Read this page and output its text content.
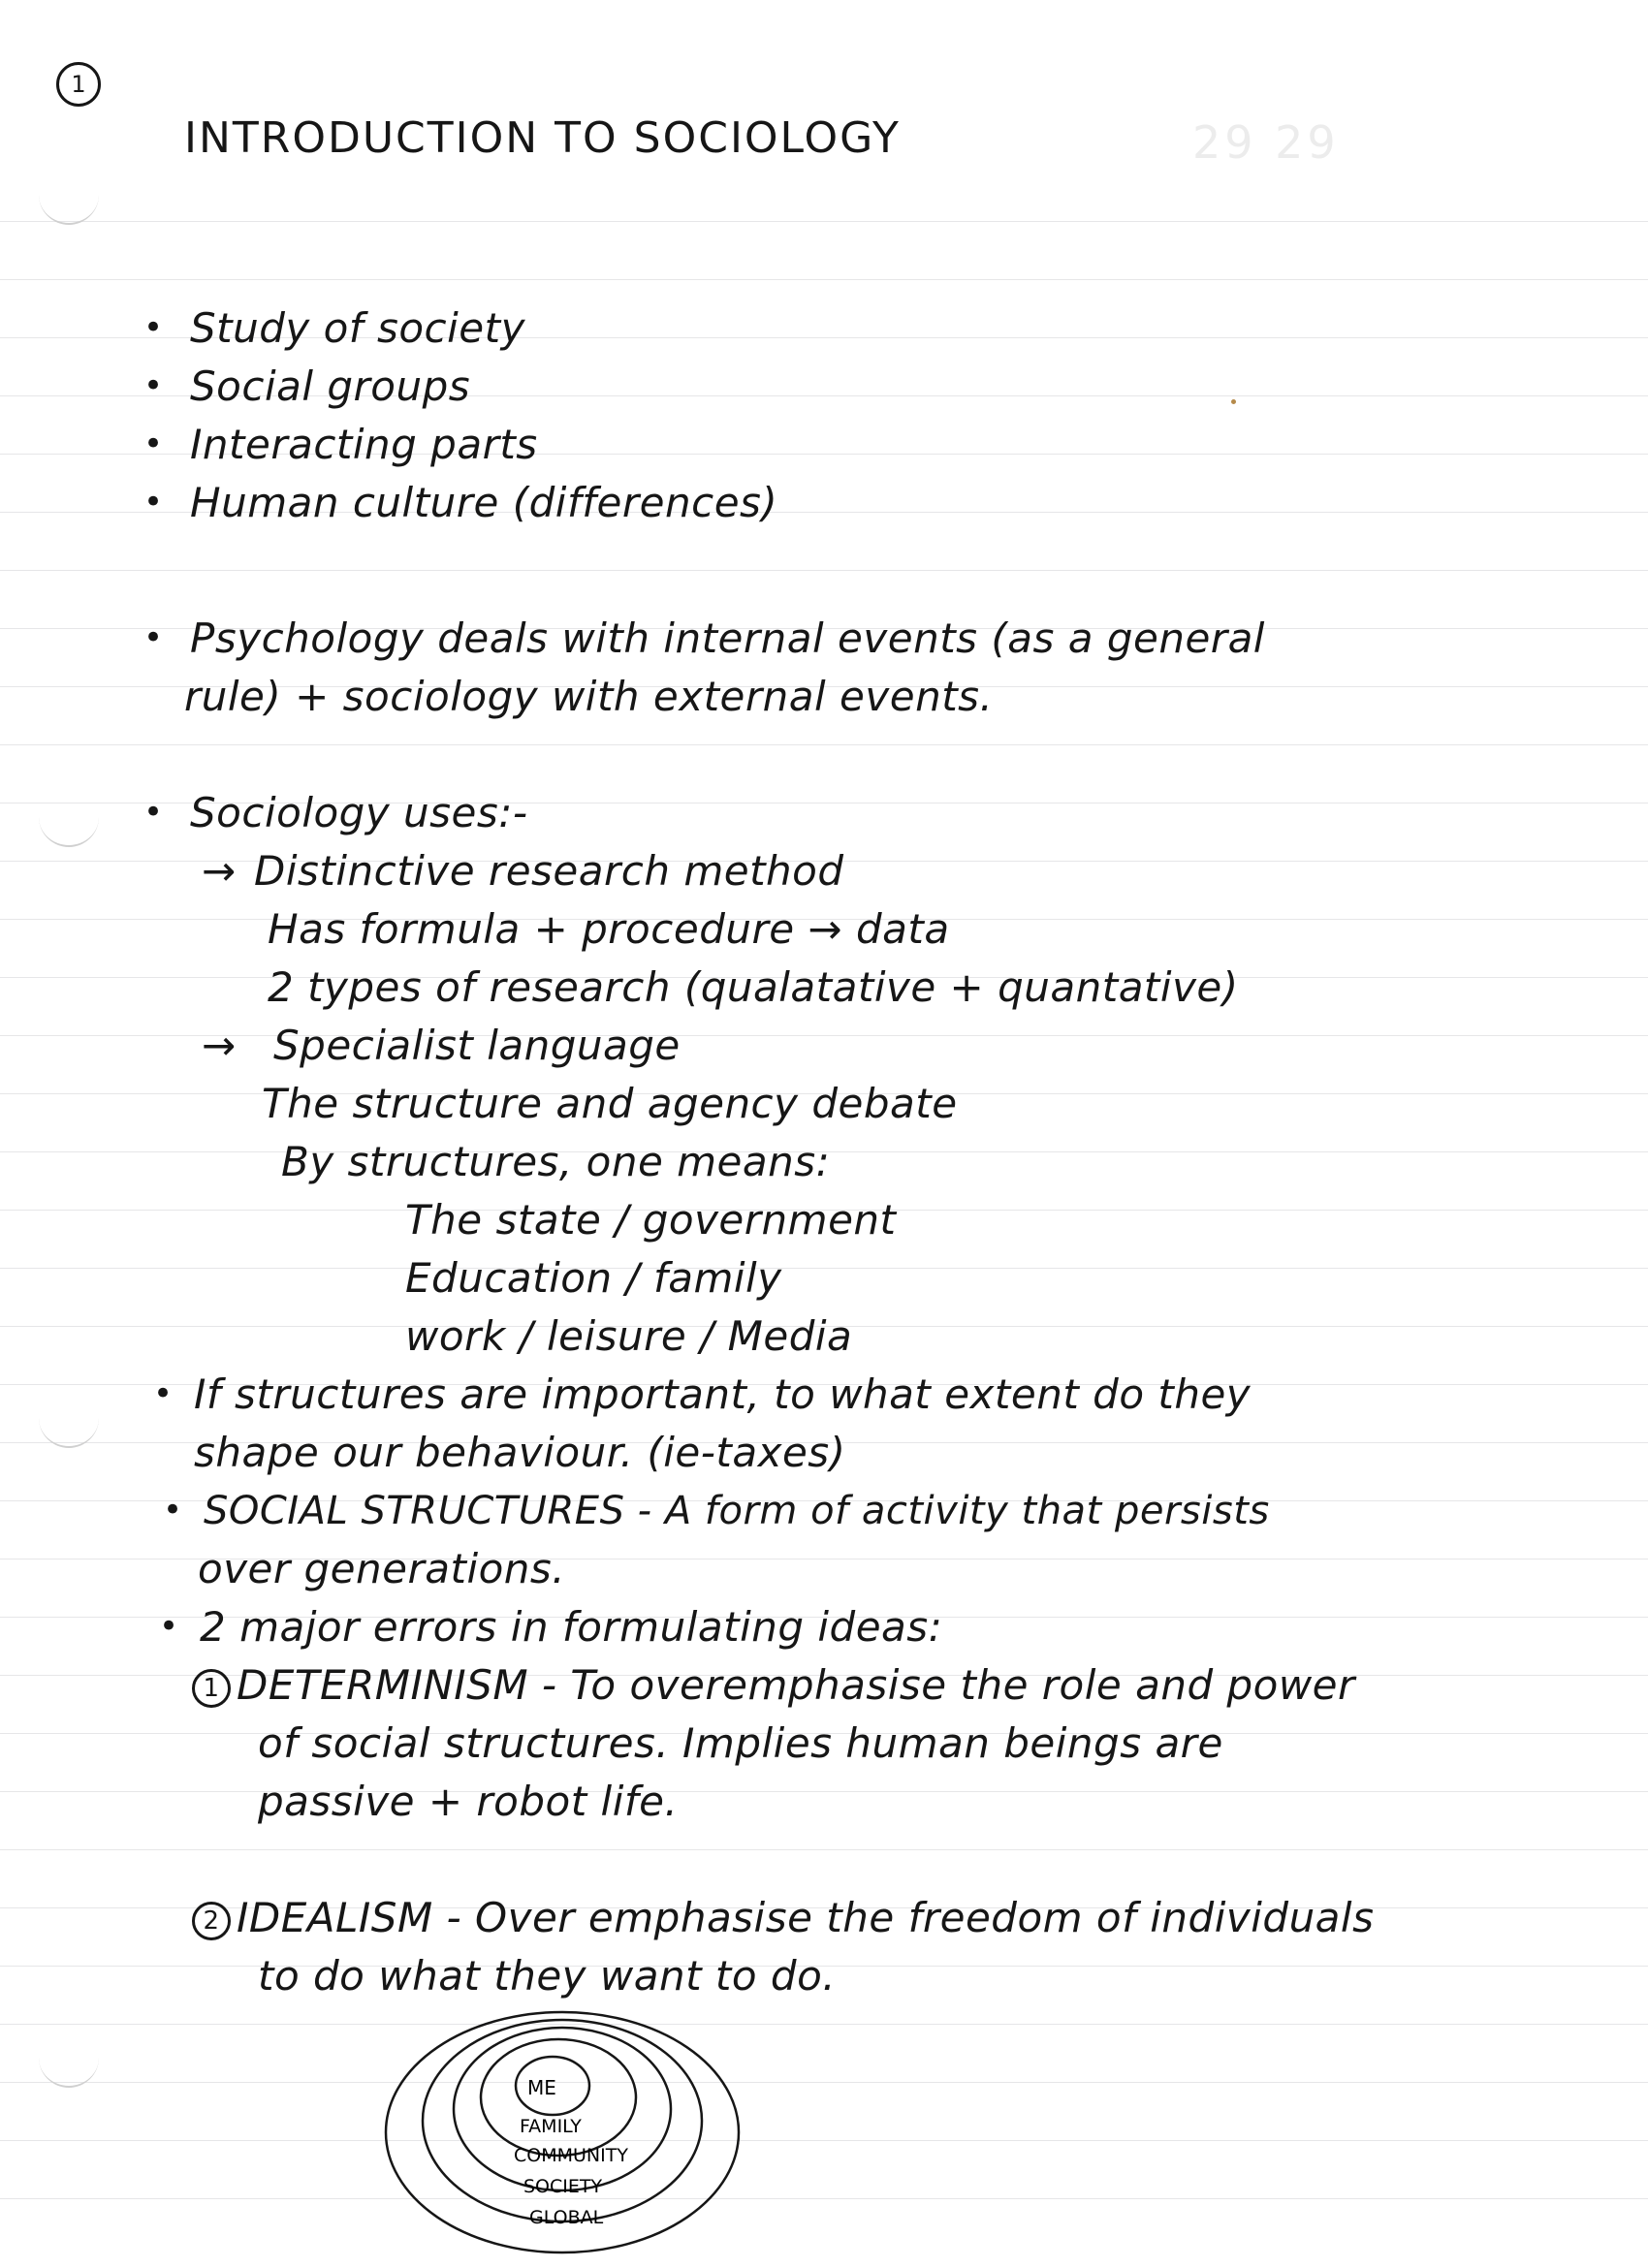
1
29 29
INTRODUCTION TO SOCIOLOGY
• Study of society
• Social groups
• Interacting parts
• Human culture (differences)
• Psychology deals with internal events (as a general
rule) + sociology with external events.
• Sociology uses:-
→ Distinctive research method
Has formula + procedure → data
2 types of research (qualatative + quantative)
→ Specialist language
The structure and agency debate
By structures, one means:
The state / government
Education / family
work / leisure / Media
• If structures are important, to what extent do they
shape our behaviour. (ie-taxes)
• SOCIAL STRUCTURES - A form of activity that persists
over generations.
• 2 major errors in formulating ideas:
1 DETERMINISM - To overemphasise the role and power
of social structures. Implies human beings are
passive + robot life.
2 IDEALISM - Over emphasise the freedom of individuals
to do what they want to do.
ME
FAMILY
COMMUNITY
SOCIETY
GLOBAL
